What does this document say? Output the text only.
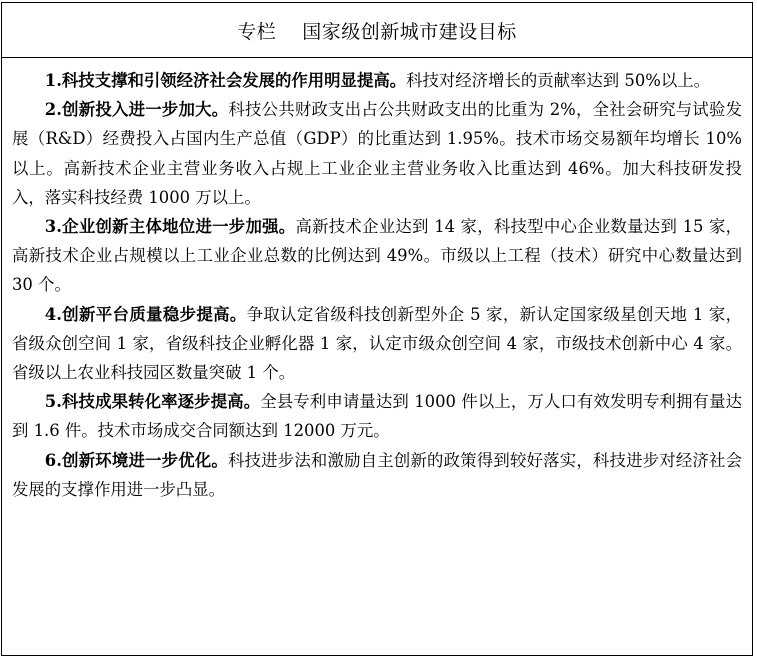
专栏 国家级创新城市建设目标

1.科技支撑和引领经济社会发展的作用明显提高。科技对经济增长的贡献率达到 50%以上。

2.创新投入进一步加大。科技公共财政支出占公共财政支出的比重为 2%，全社会研究与试验发展（R&D）经费投入占国内生产总值（GDP）的比重达到 1.95%。技术市场交易额年均增长 10%以上。高新技术企业主营业务收入占规上工业企业主营业务收入比重达到 46%。加大科技研发投入，落实科技经费 1000 万以上。

3.企业创新主体地位进一步加强。高新技术企业达到 14 家，科技型中心企业数量达到 15 家，高新技术企业占规模以上工业企业总数的比例达到 49%。市级以上工程（技术）研究中心数量达到 30 个。

4.创新平台质量稳步提高。争取认定省级科技创新型外企 5 家，新认定国家级星创天地 1 家，省级众创空间 1 家，省级科技企业孵化器 1 家，认定市级众创空间 4 家，市级技术创新中心 4 家。省级以上农业科技园区数量突破 1 个。

5.科技成果转化率逐步提高。全县专利申请量达到 1000 件以上，万人口有效发明专利拥有量达到 1.6 件。技术市场成交合同额达到 12000 万元。

6.创新环境进一步优化。科技进步法和激励自主创新的政策得到较好落实，科技进步对经济社会发展的支撑作用进一步凸显。
